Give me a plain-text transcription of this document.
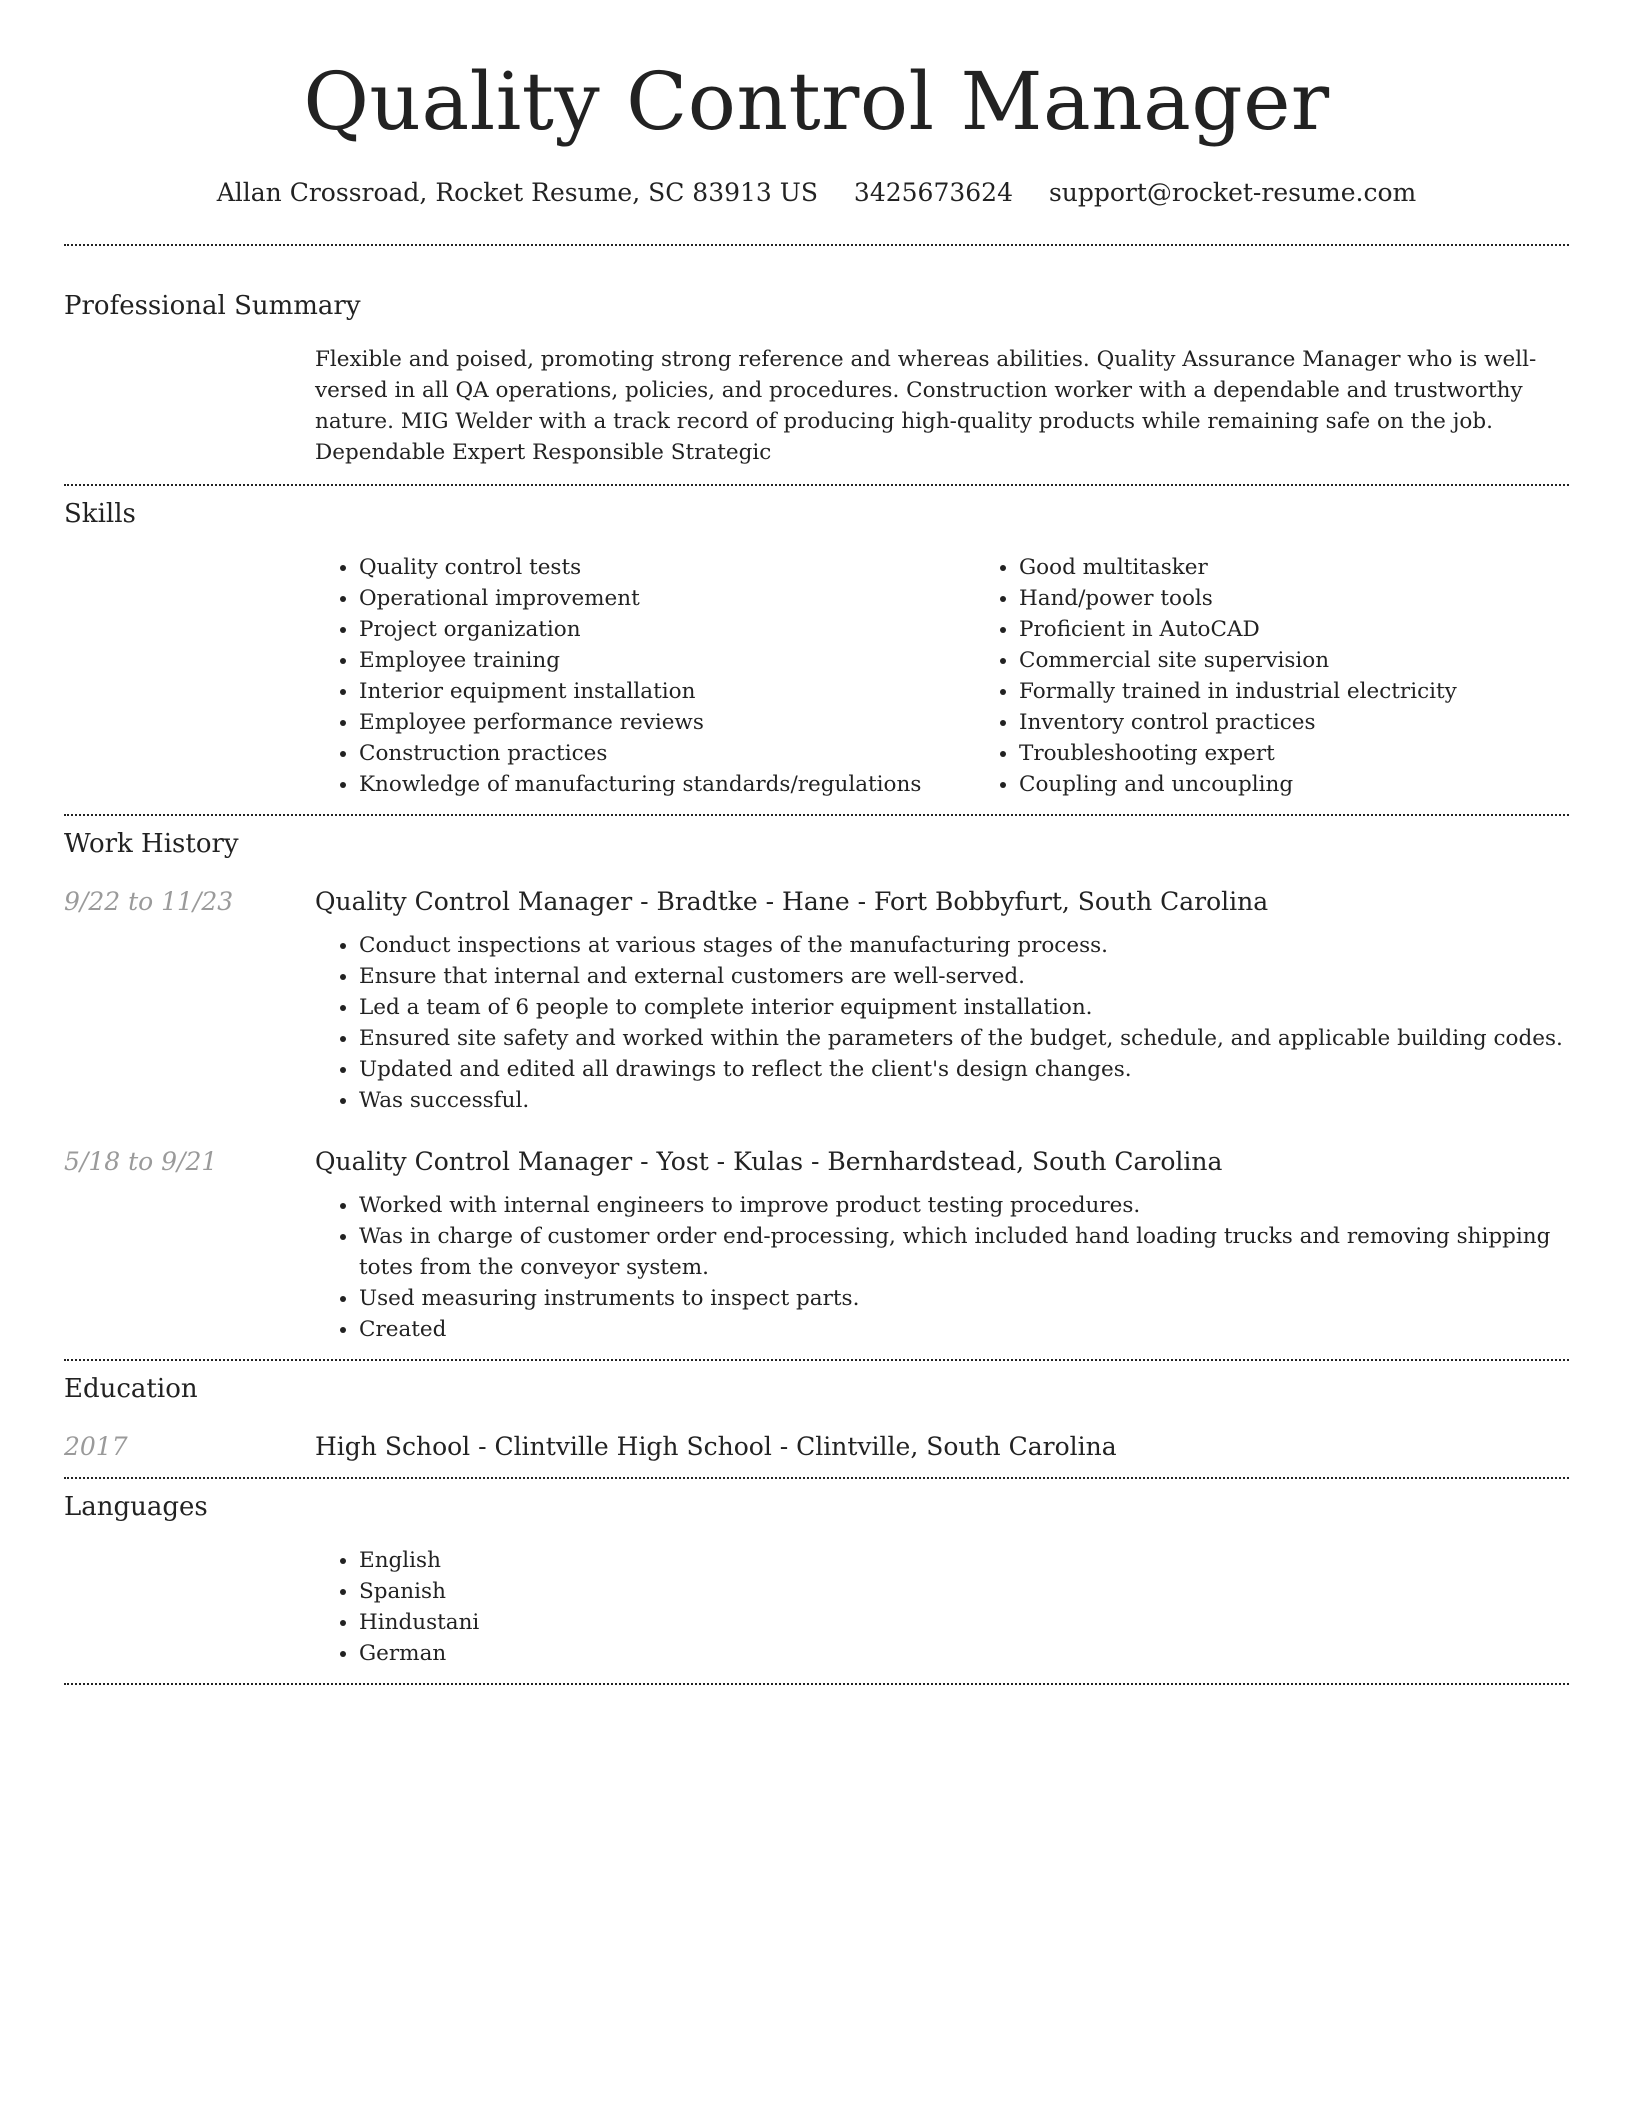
Quality Control Manager
Allan Crossroad, Rocket Resume, SC 83913 US 3425673624 support@rocket-resume.com
Professional Summary
Flexible and poised, promoting strong reference and whereas abilities. Quality Assurance Manager who is well-versed in all QA operations, policies, and procedures. Construction worker with a dependable and trustworthy nature. MIG Welder with a track record of producing high-quality products while remaining safe on the job. Dependable Expert Responsible Strategic
Skills
• Quality control tests
• Operational improvement
• Project organization
• Employee training
• Interior equipment installation
• Employee performance reviews
• Construction practices
• Knowledge of manufacturing standards/regulations
• Good multitasker
• Hand/power tools
• Proficient in AutoCAD
• Commercial site supervision
• Formally trained in industrial electricity
• Inventory control practices
• Troubleshooting expert
• Coupling and uncoupling
Work History
9/22 to 11/23	Quality Control Manager - Bradtke - Hane - Fort Bobbyfurt, South Carolina
• Conduct inspections at various stages of the manufacturing process.
• Ensure that internal and external customers are well-served.
• Led a team of 6 people to complete interior equipment installation.
• Ensured site safety and worked within the parameters of the budget, schedule, and applicable building codes.
• Updated and edited all drawings to reflect the client's design changes.
• Was successful.
5/18 to 9/21	Quality Control Manager - Yost - Kulas - Bernhardstead, South Carolina
• Worked with internal engineers to improve product testing procedures.
• Was in charge of customer order end-processing, which included hand loading trucks and removing shipping totes from the conveyor system.
• Used measuring instruments to inspect parts.
• Created
Education
2017	High School - Clintville High School - Clintville, South Carolina
Languages
• English
• Spanish
• Hindustani
• German
